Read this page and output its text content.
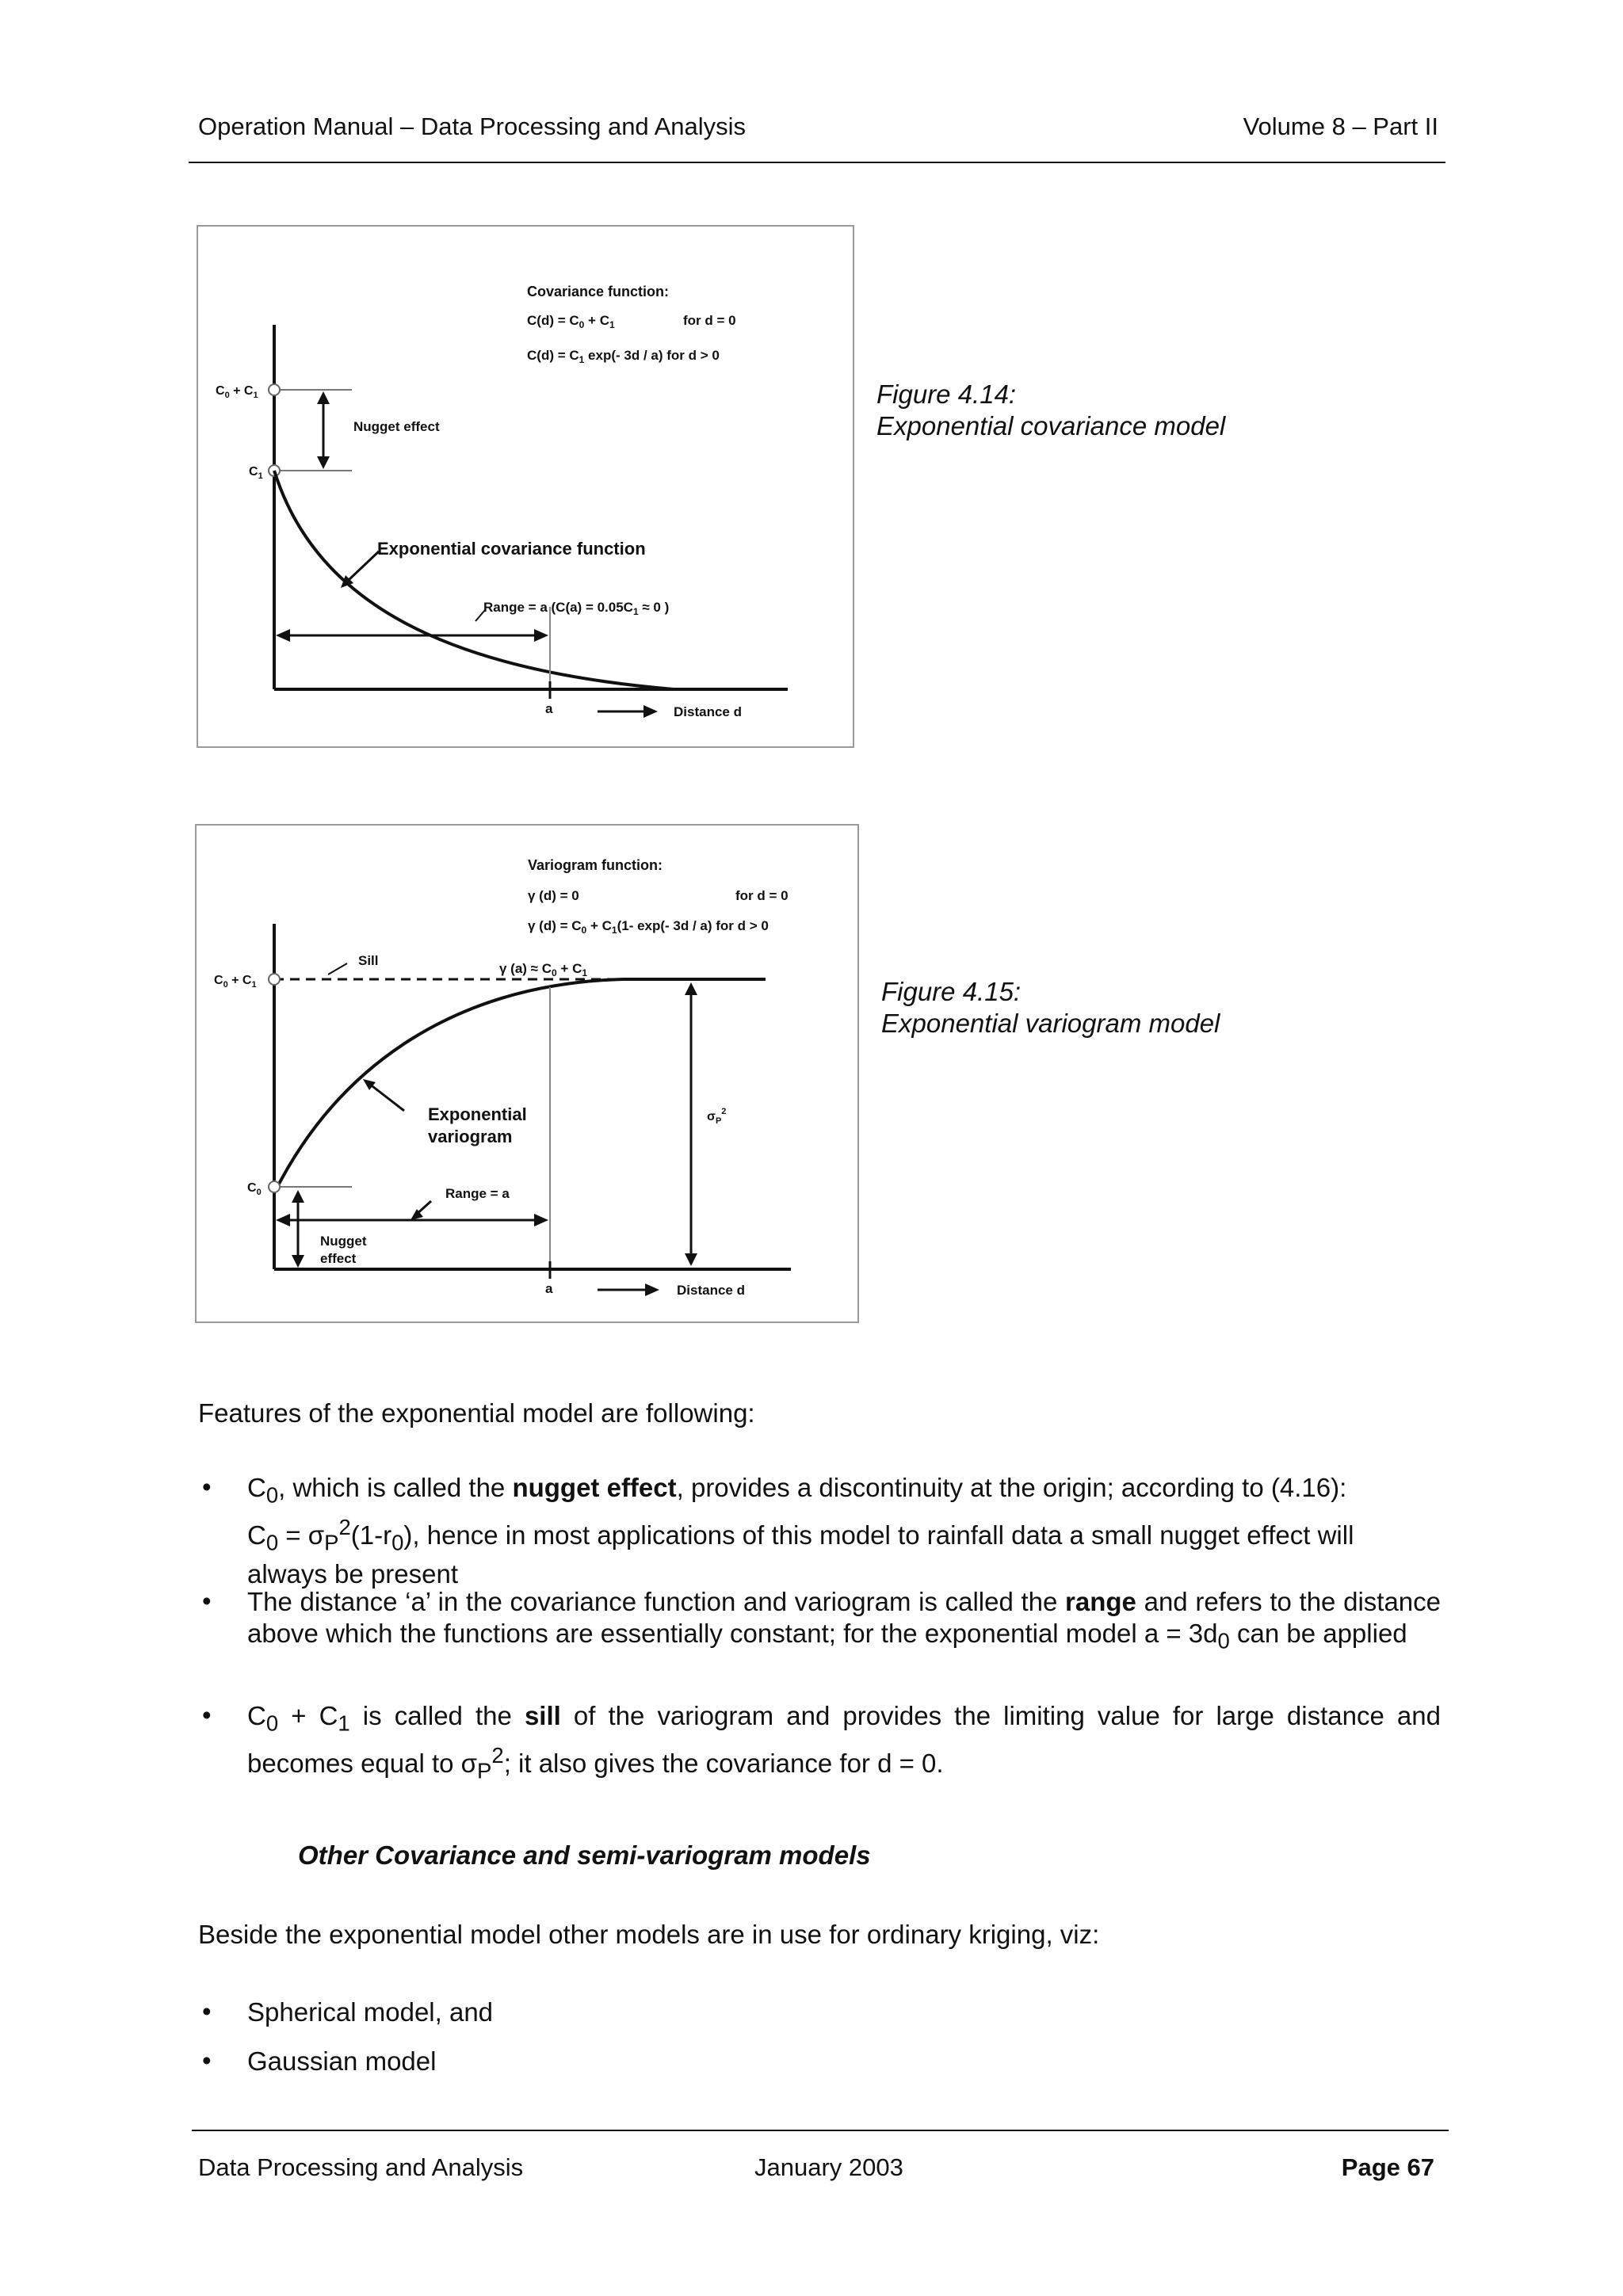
Operation Manual – Data Processing and Analysis	Volume 8 – Part II
Covariance function:
$C(d) = C_0 + C_1$	for d = 0
$C(d) = C_1$ exp(- 3d / a) for d > 0
$C_0 + C_1$
$C_1$
Nugget effect
Exponential covariance function
Range = a ($C(a) = 0.05C_1 \approx 0$ )
a	Distance d
Figure 4.14:
Exponential covariance model
Variogram function:
γ (d) = 0	for d = 0
γ $(d) = C_0 + C_1(1-$ exp(- 3d / a) for d > 0
$C_0 + C_1$
Sill
γ $(a) \approx C_0 + C_1$
$C_0$
Exponential
variogram
$\sigma_P^2$
Range = a
Nugget
effect
a	Distance d
Figure 4.15:
Exponential variogram model
Features of the exponential model are following:
• $C_0$, which is called the nugget effect, provides a discontinuity at the origin; according to (4.16):
$C_0 = \sigma_P^2(1-r_0)$, hence in most applications of this model to rainfall data a small nugget effect will
always be present
• The distance ‘a’ in the covariance function and variogram is called the range and refers to the distance above which the functions are essentially constant; for the exponential model $a = 3d_0$ can be applied
• $C_0 + C_1$ is called the sill of the variogram and provides the limiting value for large distance and becomes equal to $\sigma_P^2$; it also gives the covariance for d = 0.
Other Covariance and semi-variogram models
Beside the exponential model other models are in use for ordinary kriging, viz:
• Spherical model, and
• Gaussian model
Data Processing and Analysis	January 2003	Page 67
